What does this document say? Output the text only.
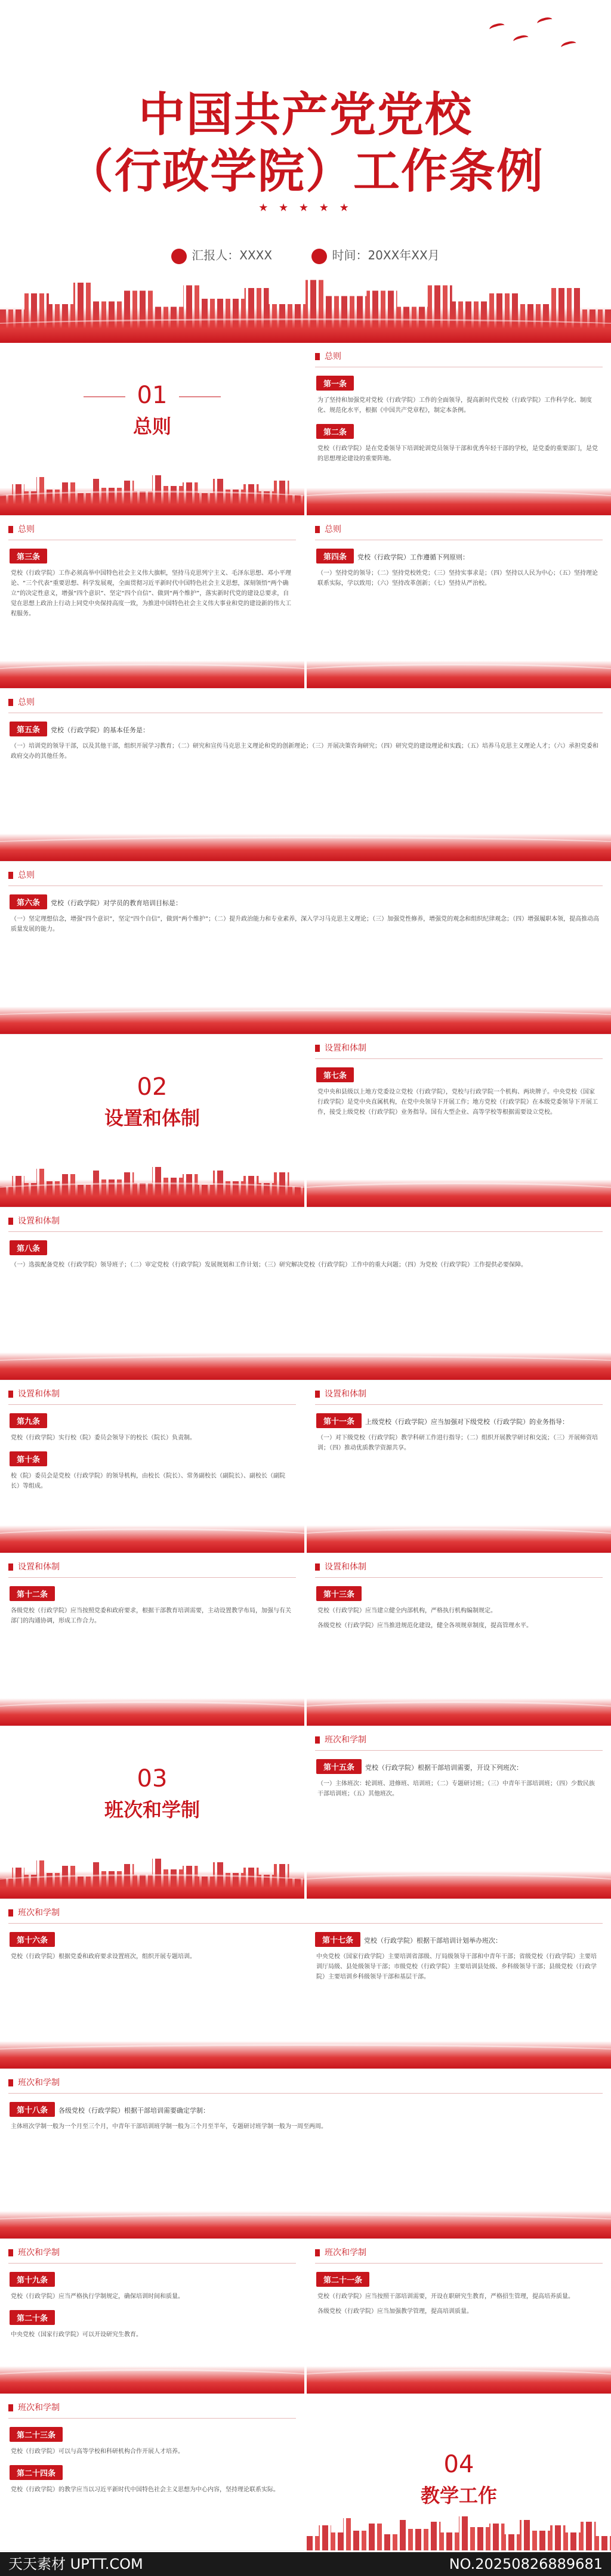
中国共产党党校
（行政学院）工作条例
★ ★ ★ ★ ★
汇报人：XXXX	时间：20XX年XX月
01
总则
总则
第一条
为了坚持和加强党对党校（行政学院）工作的全面领导，提高新时代党校（行政学院）工作科学化、制度化、规范化水平，根据《中国共产党章程》，制定本条例。
第二条
党校（行政学院）是在党委领导下培训轮训党员领导干部和优秀年轻干部的学校，是党委的重要部门，是党的思想理论建设的重要阵地。
总则
第三条
党校（行政学院）工作必须高举中国特色社会主义伟大旗帜，坚持马克思列宁主义、毛泽东思想、邓小平理论、“三个代表”重要思想、科学发展观，全面贯彻习近平新时代中国特色社会主义思想，深刻领悟“两个确立”的决定性意义，增强“四个意识”、坚定“四个自信”、做到“两个维护”，落实新时代党的建设总要求，自觉在思想上政治上行动上同党中央保持高度一致，为推进中国特色社会主义伟大事业和党的建设新的伟大工程服务。
总则
第四条 党校（行政学院）工作遵循下列原则：
（一）坚持党的领导；（二）坚持党校姓党；（三）坚持实事求是；（四）坚持以人民为中心；（五）坚持理论联系实际，学以致用；（六）坚持改革创新；（七）坚持从严治校。
总则
第五条 党校（行政学院）的基本任务是：
（一）培训党的领导干部，以及其他干部，组织开展学习教育；（二）研究和宣传马克思主义理论和党的创新理论；（三）开展决策咨询研究；（四）研究党的建设理论和实践；（五）培养马克思主义理论人才；（六）承担党委和政府交办的其他任务。
总则
第六条 党校（行政学院）对学员的教育培训目标是：
（一）坚定理想信念，增强“四个意识”，坚定“四个自信”，做到“两个维护”；（二）提升政治能力和专业素养，深入学习马克思主义理论；（三）加强党性修养，增强党的观念和组织纪律观念；（四）增强履职本领，提高推动高质量发展的能力。
02
设置和体制
设置和体制
第七条
党中央和县级以上地方党委设立党校（行政学院），党校与行政学院一个机构、两块牌子。中央党校（国家行政学院）是党中央直属机构，在党中央领导下开展工作；地方党校（行政学院）在本级党委领导下开展工作，接受上级党校（行政学院）业务指导。国有大型企业、高等学校等根据需要设立党校。
设置和体制
第八条
（一）选拔配备党校（行政学院）领导班子；（二）审定党校（行政学院）发展规划和工作计划；（三）研究解决党校（行政学院）工作中的重大问题；（四）为党校（行政学院）工作提供必要保障。
设置和体制
第九条
党校（行政学院）实行校（院）委员会领导下的校长（院长）负责制。
第十条
校（院）委员会是党校（行政学院）的领导机构，由校长（院长）、常务副校长（副院长）、副校长（副院长）等组成。
设置和体制
第十一条 上级党校（行政学院）应当加强对下级党校（行政学院）的业务指导：
（一）对下级党校（行政学院）教学科研工作进行指导；（二）组织开展教学研讨和交流；（三）开展师资培训；（四）推动优质教学资源共享。
设置和体制
第十二条
各级党校（行政学院）应当按照党委和政府要求，根据干部教育培训需要，主动设置教学布局，加强与有关部门的沟通协调，形成工作合力。
设置和体制
第十三条
党校（行政学院）应当建立健全内部机构，严格执行机构编制规定。
各级党校（行政学院）应当推进规范化建设，健全各项规章制度，提高管理水平。
03
班次和学制
班次和学制
第十五条 党校（行政学院）根据干部培训需要，开设下列班次：
（一）主体班次：轮训班、进修班、培训班；（二）专题研讨班；（三）中青年干部培训班；（四）少数民族干部培训班；（五）其他班次。
班次和学制
第十六条
党校（行政学院）根据党委和政府要求设置班次，组织开展专题培训。
第十七条 党校（行政学院）根据干部培训计划举办班次：
中央党校（国家行政学院）主要培训省部级、厅局级领导干部和中青年干部；省级党校（行政学院）主要培训厅局级、县处级领导干部；市级党校（行政学院）主要培训县处级、乡科级领导干部；县级党校（行政学院）主要培训乡科级领导干部和基层干部。
班次和学制
第十八条 各级党校（行政学院）根据干部培训需要确定学制：
主体班次学制一般为一个月至三个月，中青年干部培训班学制一般为三个月至半年，专题研讨班学制一般为一周至两周。
班次和学制
第十九条
党校（行政学院）应当严格执行学制规定，确保培训时间和质量。
第二十条
中央党校（国家行政学院）可以开设研究生教育。
班次和学制
第二十一条
党校（行政学院）应当按照干部培训需要，开设在职研究生教育，严格招生管理，提高培养质量。
各级党校（行政学院）应当加强教学管理，提高培训质量。
班次和学制
第二十三条
党校（行政学院）可以与高等学校和科研机构合作开展人才培养。
第二十四条
党校（行政学院）的教学应当以习近平新时代中国特色社会主义思想为中心内容，坚持理论联系实际。
04
教学工作
天天素材 UPTT.COM	NO.20250826889681
